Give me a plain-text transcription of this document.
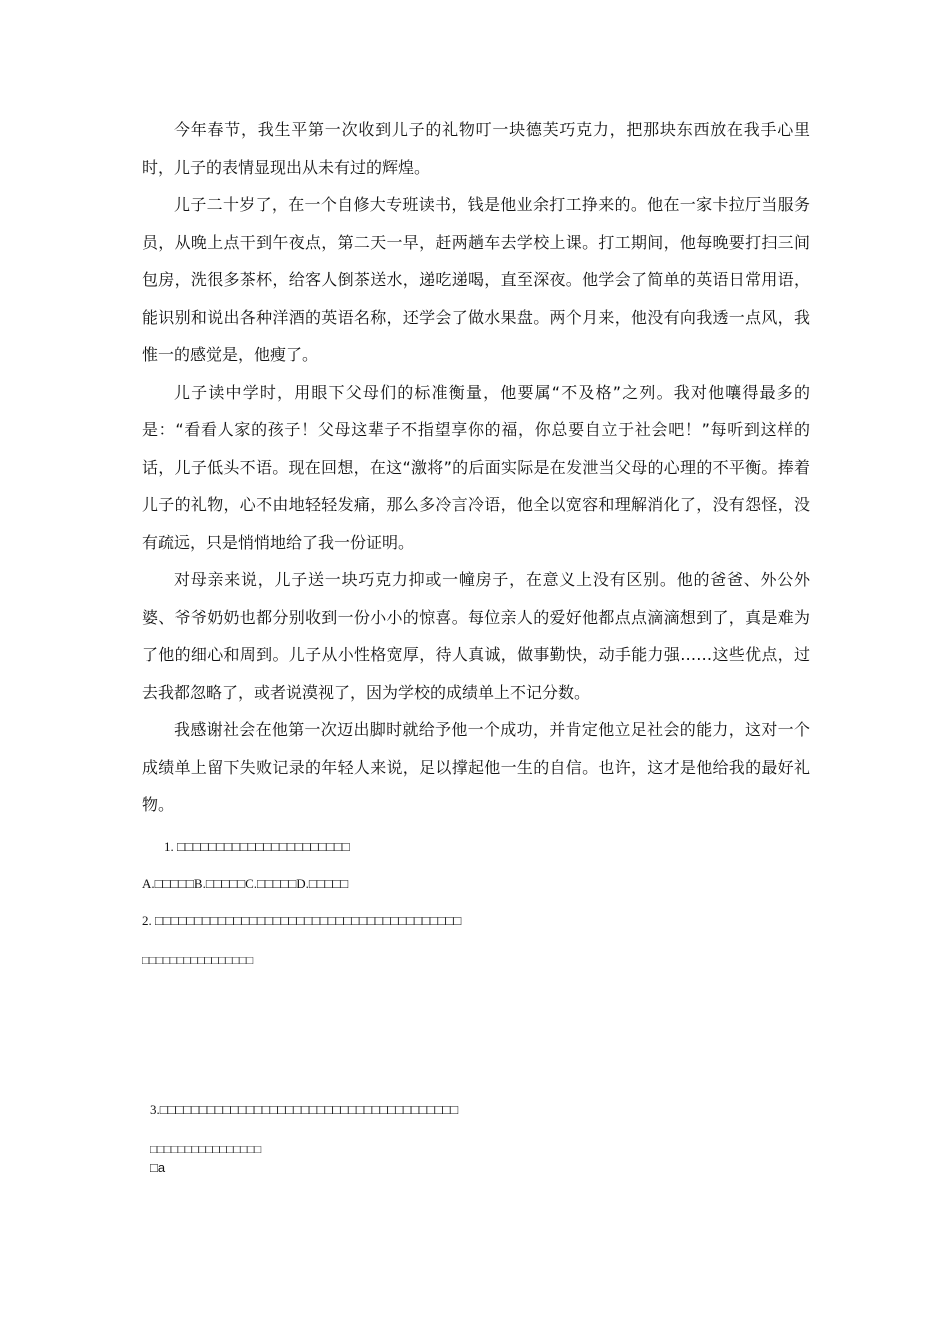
今年春节，我生平第一次收到儿子的礼物叮一块德芙巧克力，把那块东西放在我手心里时，儿子的表情显现出从未有过的辉煌。

儿子二十岁了，在一个自修大专班读书，钱是他业余打工挣来的。他在一家卡拉厅当服务员，从晚上点干到午夜点，第二天一早，赶两趟车去学校上课。打工期间，他每晚要打扫三间包房，洗很多茶杯，给客人倒茶送水，递吃递喝，直至深夜。他学会了简单的英语日常用语，能识别和说出各种洋酒的英语名称，还学会了做水果盘。两个月来，他没有向我透一点风，我惟一的感觉是，他瘦了。

儿子读中学时，用眼下父母们的标准衡量，他要属“不及格”之列。我对他嚷得最多的是：“看看人家的孩子！父母这辈子不指望享你的福，你总要自立于社会吧！”每听到这样的话，儿子低头不语。现在回想，在这“激将”的后面实际是在发泄当父母的心理的不平衡。捧着儿子的礼物，心不由地轻轻发痛，那么多冷言冷语，他全以宽容和理解消化了，没有怨怪，没有疏远，只是悄悄地给了我一份证明。

对母亲来说，儿子送一块巧克力抑或一幢房子，在意义上没有区别。他的爸爸、外公外婆、爷爷奶奶也都分别收到一份小小的惊喜。每位亲人的爱好他都点点滴滴想到了，真是难为了他的细心和周到。儿子从小性格宽厚，待人真诚，做事勤快，动手能力强……这些优点，过去我都忽略了，或者说漠视了，因为学校的成绩单上不记分数。

我感谢社会在他第一次迈出脚时就给予他一个成功，并肯定他立足社会的能力，这对一个成绩单上留下失败记录的年轻人来说，足以撑起他一生的自信。也许，这才是他给我的最好礼物。

1. □□□□□□□□□□□□□□□□□□□□□□

A.□□□□□B.□□□□□C.□□□□□D.□□□□□

2. □□□□□□□□□□□□□□□□□□□□□□□□□□□□□□□□□□□□□□□

□□□□□□□□□□□□□□□□

3.□□□□□□□□□□□□□□□□□□□□□□□□□□□□□□□□□□□□□□

□□□□□□□□□□□□□□□□

□a
